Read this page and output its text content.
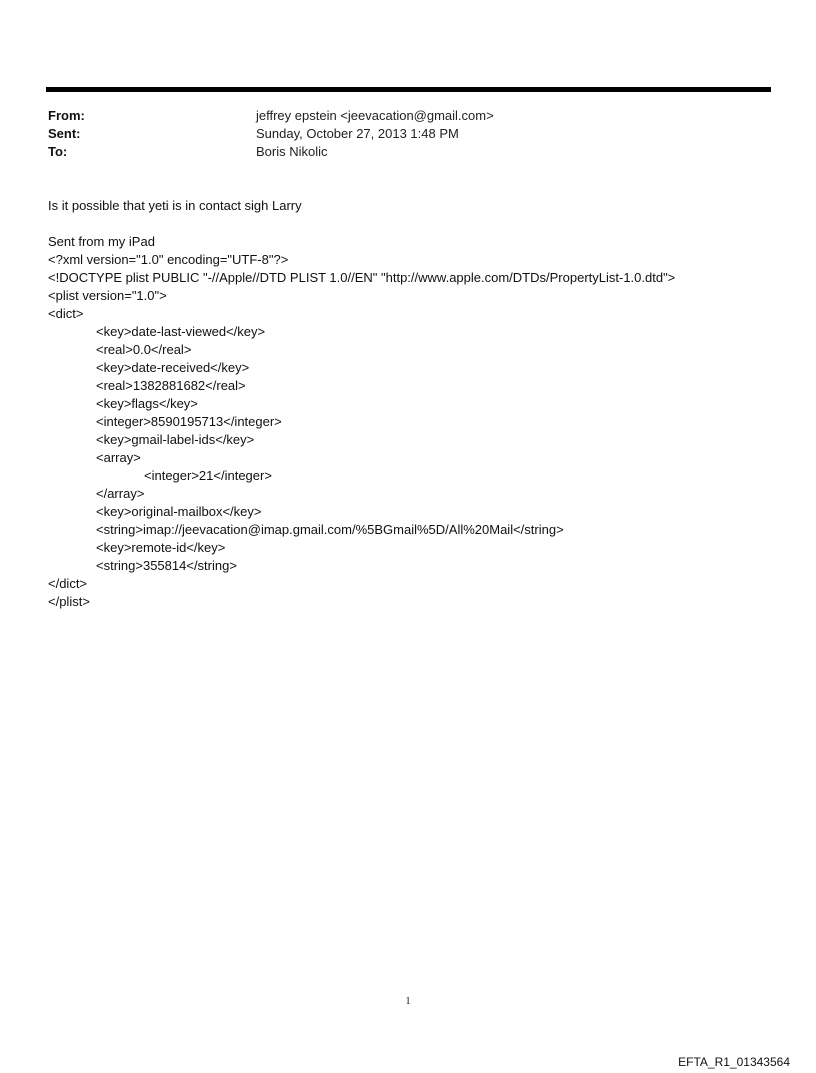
From:	jeffrey epstein <jeevacation@gmail.com>
Sent:	Sunday, October 27, 2013 1:48 PM
To:	Boris Nikolic
Is it possible that yeti is in contact sigh Larry
Sent from my iPad
<?xml version="1.0" encoding="UTF-8"?>
<!DOCTYPE plist PUBLIC "-//Apple//DTD PLIST 1.0//EN" "http://www.apple.com/DTDs/PropertyList-1.0.dtd">
<plist version="1.0">
<dict>
<key>date-last-viewed</key>
<real>0.0</real>
<key>date-received</key>
<real>1382881682</real>
<key>flags</key>
<integer>8590195713</integer>
<key>gmail-label-ids</key>
<array>
<integer>21</integer>
</array>
<key>original-mailbox</key>
<string>imap://jeevacation@imap.gmail.com/%5BGmail%5D/All%20Mail</string>
<key>remote-id</key>
<string>355814</string>
</dict>
</plist>
1
EFTA_R1_01343564
